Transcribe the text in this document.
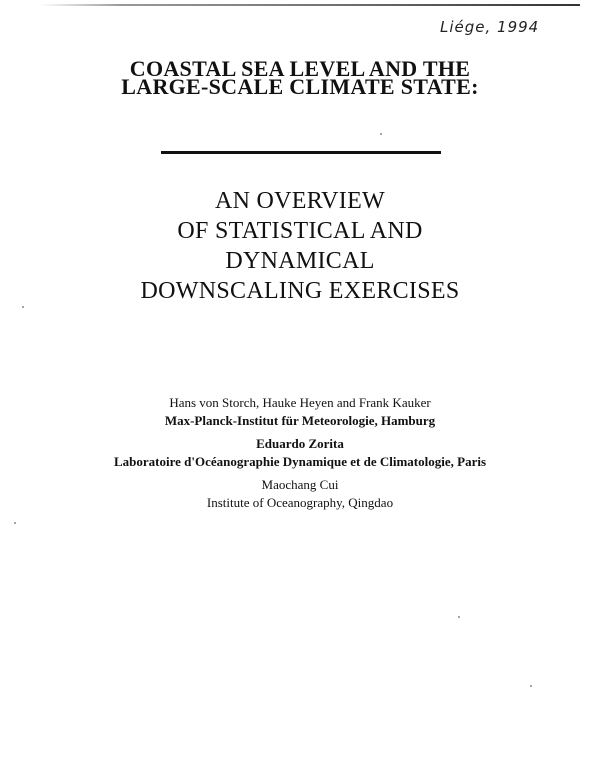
Liége, 1994
COASTAL SEA LEVEL AND THE
LARGE-SCALE CLIMATE STATE:
AN OVERVIEW
OF STATISTICAL AND
DYNAMICAL
DOWNSCALING EXERCISES
Hans von Storch, Hauke Heyen and Frank Kauker
Max-Planck-Institut für Meteorologie, Hamburg
Eduardo Zorita
Laboratoire d'Océanographie Dynamique et de Climatologie, Paris
Maochang Cui
Institute of Oceanography, Qingdao
